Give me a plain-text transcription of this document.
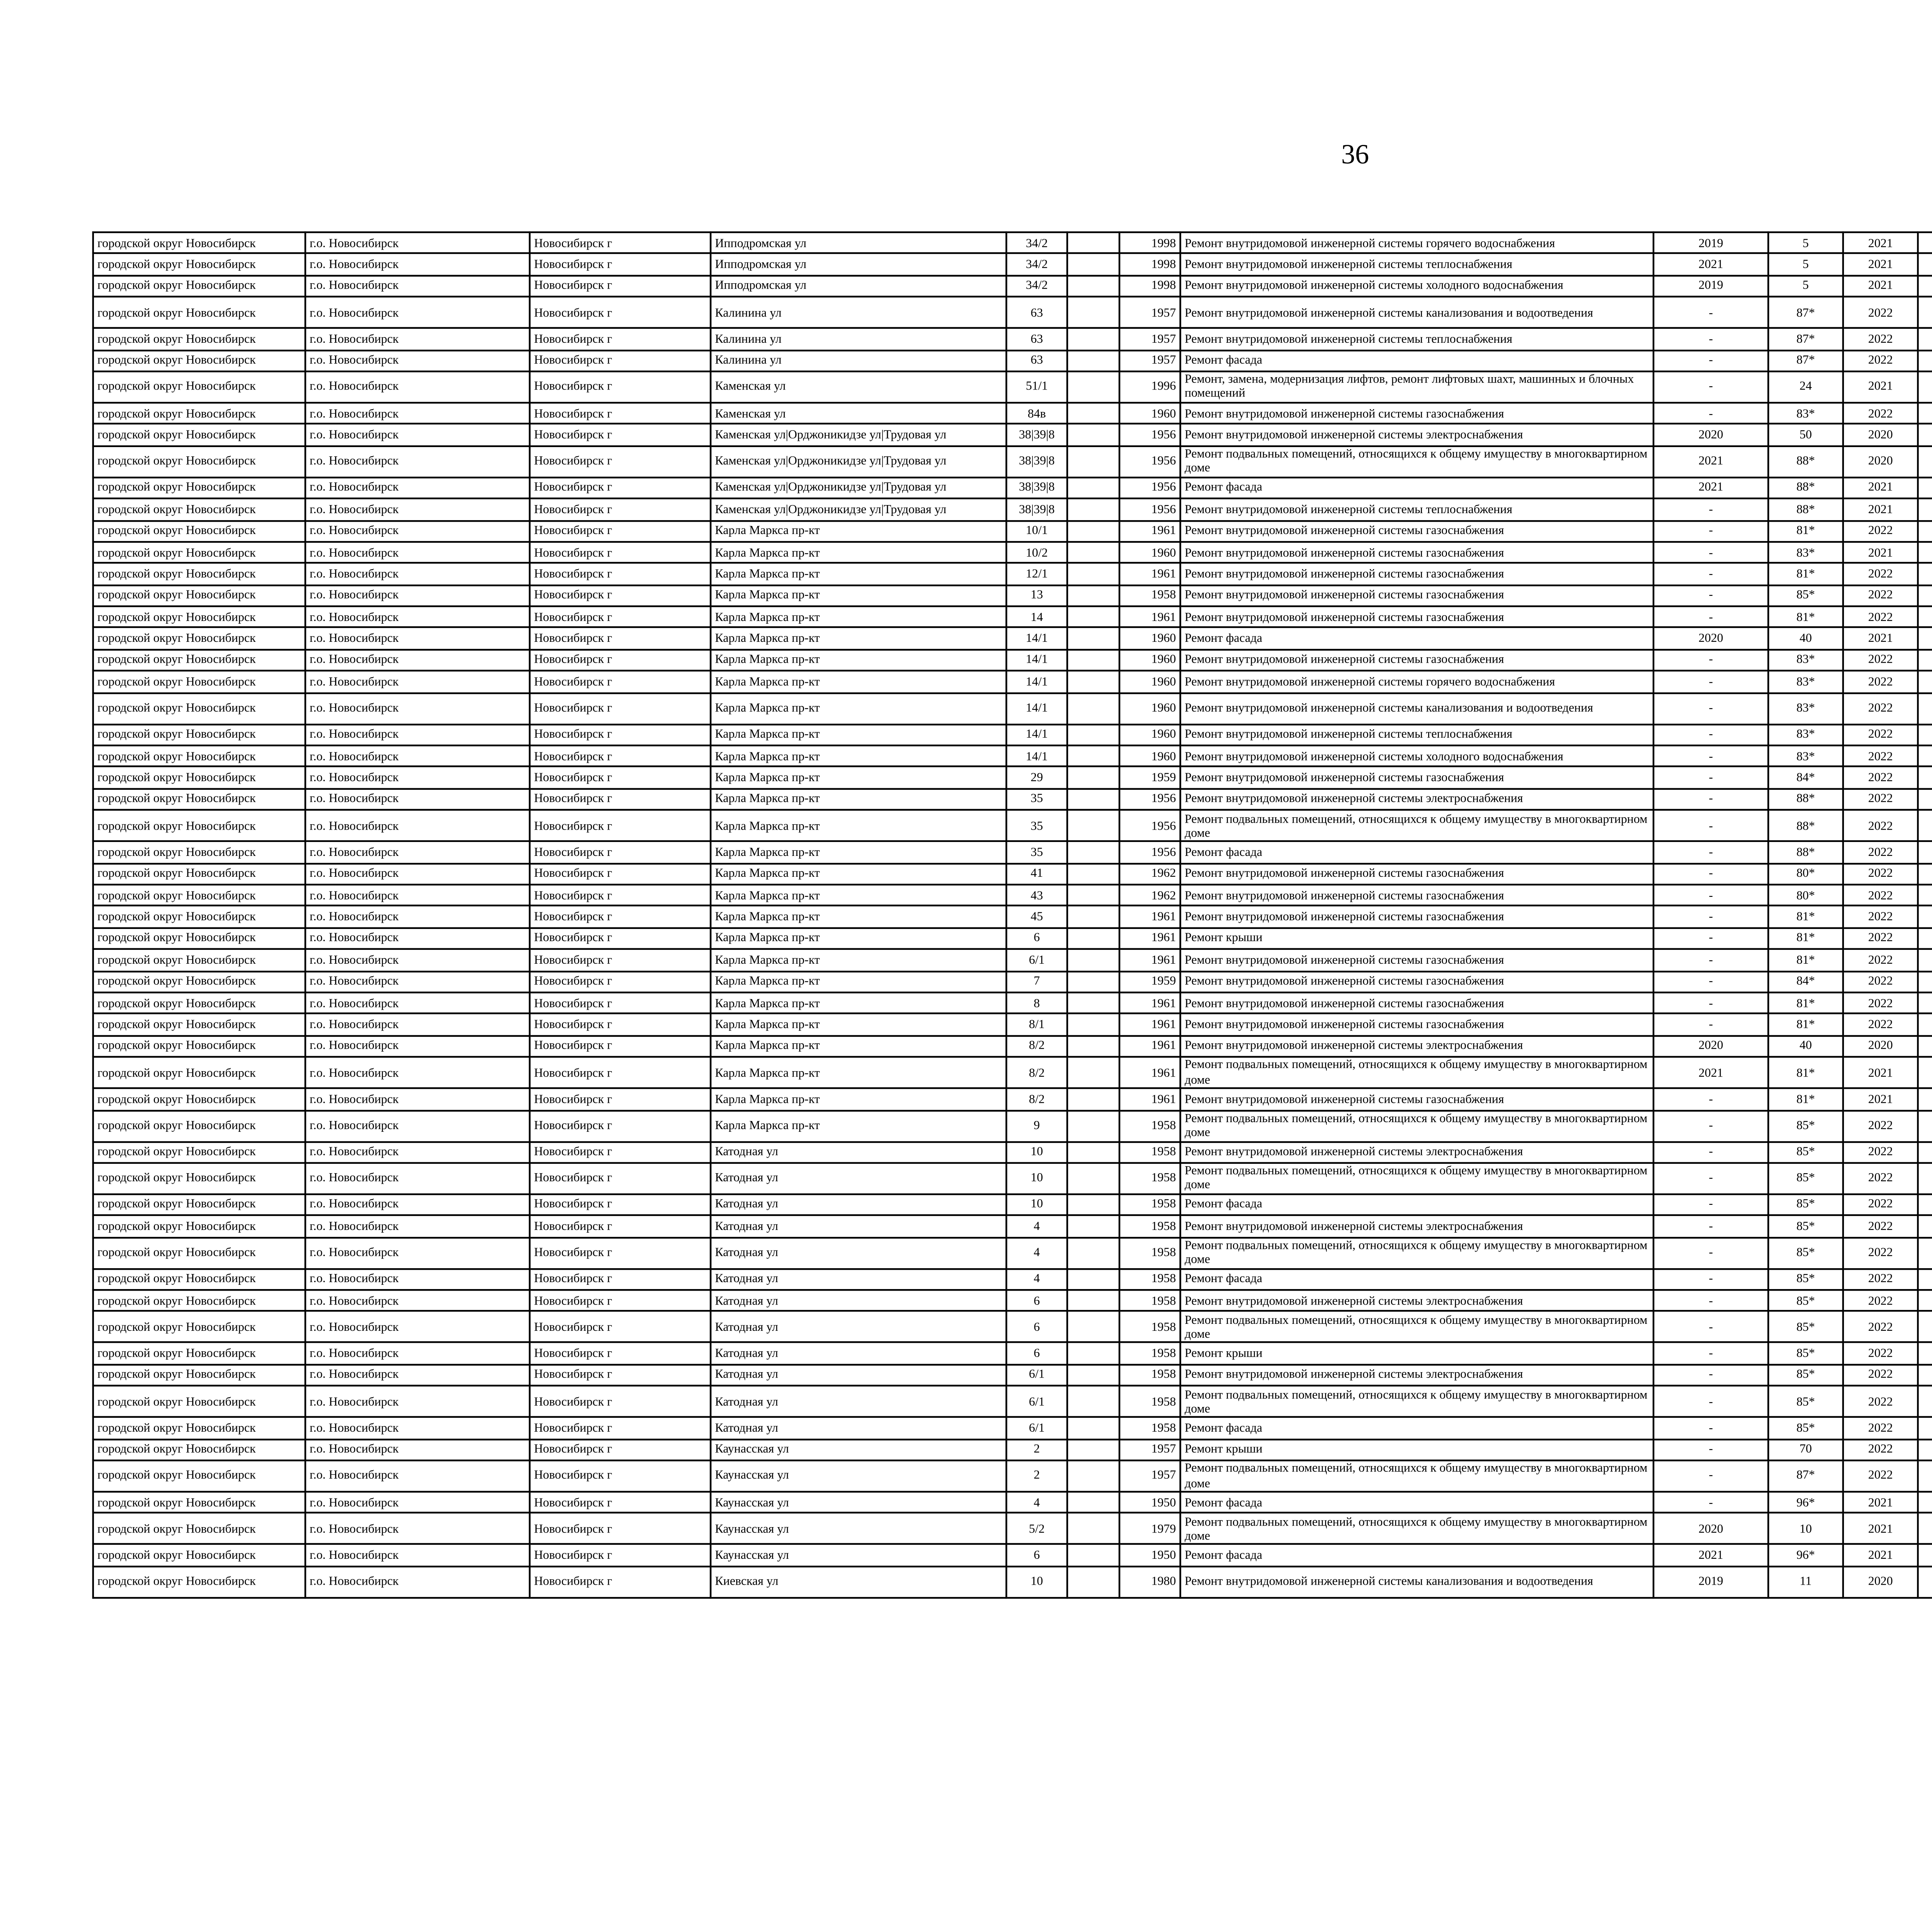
36
городской округ Новосибирск	г.о. Новосибирск	Новосибирск г	Ипподромская ул	34/2		1998	Ремонт внутридомовой инженерной системы горячего водоснабжения	2019	5	2021						
городской округ Новосибирск	г.о. Новосибирск	Новосибирск г	Ипподромская ул	34/2		1998	Ремонт внутридомовой инженерной системы теплоснабжения	2021	5	2021						
городской округ Новосибирск	г.о. Новосибирск	Новосибирск г	Ипподромская ул	34/2		1998	Ремонт внутридомовой инженерной системы холодного водоснабжения	2019	5	2021						
городской округ Новосибирск	г.о. Новосибирск	Новосибирск г	Калинина ул	63		1957	Ремонт внутридомовой инженерной системы канализования и водоотведения	-	87*	2022						
городской округ Новосибирск	г.о. Новосибирск	Новосибирск г	Калинина ул	63		1957	Ремонт внутридомовой инженерной системы теплоснабжения	-	87*	2022						
городской округ Новосибирск	г.о. Новосибирск	Новосибирск г	Калинина ул	63		1957	Ремонт фасада	-	87*	2022						
городской округ Новосибирск	г.о. Новосибирск	Новосибирск г	Каменская ул	51/1		1996	Ремонт, замена, модернизация лифтов, ремонт лифтовых шахт, машинных и блочных помещений	-	24	2021						
городской округ Новосибирск	г.о. Новосибирск	Новосибирск г	Каменская ул	84в		1960	Ремонт внутридомовой инженерной системы газоснабжения	-	83*	2022						
городской округ Новосибирск	г.о. Новосибирск	Новосибирск г	Каменская ул|Орджоникидзе ул|Трудовая ул	38|39|8		1956	Ремонт внутридомовой инженерной системы электроснабжения	2020	50	2020						
городской округ Новосибирск	г.о. Новосибирск	Новосибирск г	Каменская ул|Орджоникидзе ул|Трудовая ул	38|39|8		1956	Ремонт подвальных помещений, относящихся к общему имуществу в многоквартирном доме	2021	88*	2020						
городской округ Новосибирск	г.о. Новосибирск	Новосибирск г	Каменская ул|Орджоникидзе ул|Трудовая ул	38|39|8		1956	Ремонт фасада	2021	88*	2021						
городской округ Новосибирск	г.о. Новосибирск	Новосибирск г	Каменская ул|Орджоникидзе ул|Трудовая ул	38|39|8		1956	Ремонт внутридомовой инженерной системы теплоснабжения	-	88*	2021						
городской округ Новосибирск	г.о. Новосибирск	Новосибирск г	Карла Маркса пр-кт	10/1		1961	Ремонт внутридомовой инженерной системы газоснабжения	-	81*	2022						
городской округ Новосибирск	г.о. Новосибирск	Новосибирск г	Карла Маркса пр-кт	10/2		1960	Ремонт внутридомовой инженерной системы газоснабжения	-	83*	2021						
городской округ Новосибирск	г.о. Новосибирск	Новосибирск г	Карла Маркса пр-кт	12/1		1961	Ремонт внутридомовой инженерной системы газоснабжения	-	81*	2022						
городской округ Новосибирск	г.о. Новосибирск	Новосибирск г	Карла Маркса пр-кт	13		1958	Ремонт внутридомовой инженерной системы газоснабжения	-	85*	2022						
городской округ Новосибирск	г.о. Новосибирск	Новосибирск г	Карла Маркса пр-кт	14		1961	Ремонт внутридомовой инженерной системы газоснабжения	-	81*	2022						
городской округ Новосибирск	г.о. Новосибирск	Новосибирск г	Карла Маркса пр-кт	14/1		1960	Ремонт фасада	2020	40	2021						
городской округ Новосибирск	г.о. Новосибирск	Новосибирск г	Карла Маркса пр-кт	14/1		1960	Ремонт внутридомовой инженерной системы газоснабжения	-	83*	2022						
городской округ Новосибирск	г.о. Новосибирск	Новосибирск г	Карла Маркса пр-кт	14/1		1960	Ремонт внутридомовой инженерной системы горячего водоснабжения	-	83*	2022						
городской округ Новосибирск	г.о. Новосибирск	Новосибирск г	Карла Маркса пр-кт	14/1		1960	Ремонт внутридомовой инженерной системы канализования и водоотведения	-	83*	2022						
городской округ Новосибирск	г.о. Новосибирск	Новосибирск г	Карла Маркса пр-кт	14/1		1960	Ремонт внутридомовой инженерной системы теплоснабжения	-	83*	2022						
городской округ Новосибирск	г.о. Новосибирск	Новосибирск г	Карла Маркса пр-кт	14/1		1960	Ремонт внутридомовой инженерной системы холодного водоснабжения	-	83*	2022						
городской округ Новосибирск	г.о. Новосибирск	Новосибирск г	Карла Маркса пр-кт	29		1959	Ремонт внутридомовой инженерной системы газоснабжения	-	84*	2022						
городской округ Новосибирск	г.о. Новосибирск	Новосибирск г	Карла Маркса пр-кт	35		1956	Ремонт внутридомовой инженерной системы электроснабжения	-	88*	2022						
городской округ Новосибирск	г.о. Новосибирск	Новосибирск г	Карла Маркса пр-кт	35		1956	Ремонт подвальных помещений, относящихся к общему имуществу в многоквартирном доме	-	88*	2022						
городской округ Новосибирск	г.о. Новосибирск	Новосибирск г	Карла Маркса пр-кт	35		1956	Ремонт фасада	-	88*	2022						
городской округ Новосибирск	г.о. Новосибирск	Новосибирск г	Карла Маркса пр-кт	41		1962	Ремонт внутридомовой инженерной системы газоснабжения	-	80*	2022						
городской округ Новосибирск	г.о. Новосибирск	Новосибирск г	Карла Маркса пр-кт	43		1962	Ремонт внутридомовой инженерной системы газоснабжения	-	80*	2022						
городской округ Новосибирск	г.о. Новосибирск	Новосибирск г	Карла Маркса пр-кт	45		1961	Ремонт внутридомовой инженерной системы газоснабжения	-	81*	2022						
городской округ Новосибирск	г.о. Новосибирск	Новосибирск г	Карла Маркса пр-кт	6		1961	Ремонт крыши	-	81*	2022						
городской округ Новосибирск	г.о. Новосибирск	Новосибирск г	Карла Маркса пр-кт	6/1		1961	Ремонт внутридомовой инженерной системы газоснабжения	-	81*	2022						
городской округ Новосибирск	г.о. Новосибирск	Новосибирск г	Карла Маркса пр-кт	7		1959	Ремонт внутридомовой инженерной системы газоснабжения	-	84*	2022						
городской округ Новосибирск	г.о. Новосибирск	Новосибирск г	Карла Маркса пр-кт	8		1961	Ремонт внутридомовой инженерной системы газоснабжения	-	81*	2022						
городской округ Новосибирск	г.о. Новосибирск	Новосибирск г	Карла Маркса пр-кт	8/1		1961	Ремонт внутридомовой инженерной системы газоснабжения	-	81*	2022						
городской округ Новосибирск	г.о. Новосибирск	Новосибирск г	Карла Маркса пр-кт	8/2		1961	Ремонт внутридомовой инженерной системы электроснабжения	2020	40	2020						
городской округ Новосибирск	г.о. Новосибирск	Новосибирск г	Карла Маркса пр-кт	8/2		1961	Ремонт подвальных помещений, относящихся к общему имуществу в многоквартирном доме	2021	81*	2021						
городской округ Новосибирск	г.о. Новосибирск	Новосибирск г	Карла Маркса пр-кт	8/2		1961	Ремонт внутридомовой инженерной системы газоснабжения	-	81*	2021						
городской округ Новосибирск	г.о. Новосибирск	Новосибирск г	Карла Маркса пр-кт	9		1958	Ремонт подвальных помещений, относящихся к общему имуществу в многоквартирном доме	-	85*	2022						
городской округ Новосибирск	г.о. Новосибирск	Новосибирск г	Катодная ул	10		1958	Ремонт внутридомовой инженерной системы электроснабжения	-	85*	2022						
городской округ Новосибирск	г.о. Новосибирск	Новосибирск г	Катодная ул	10		1958	Ремонт подвальных помещений, относящихся к общему имуществу в многоквартирном доме	-	85*	2022						
городской округ Новосибирск	г.о. Новосибирск	Новосибирск г	Катодная ул	10		1958	Ремонт фасада	-	85*	2022						
городской округ Новосибирск	г.о. Новосибирск	Новосибирск г	Катодная ул	4		1958	Ремонт внутридомовой инженерной системы электроснабжения	-	85*	2022						
городской округ Новосибирск	г.о. Новосибирск	Новосибирск г	Катодная ул	4		1958	Ремонт подвальных помещений, относящихся к общему имуществу в многоквартирном доме	-	85*	2022						
городской округ Новосибирск	г.о. Новосибирск	Новосибирск г	Катодная ул	4		1958	Ремонт фасада	-	85*	2022						
городской округ Новосибирск	г.о. Новосибирск	Новосибирск г	Катодная ул	6		1958	Ремонт внутридомовой инженерной системы электроснабжения	-	85*	2022						
городской округ Новосибирск	г.о. Новосибирск	Новосибирск г	Катодная ул	6		1958	Ремонт подвальных помещений, относящихся к общему имуществу в многоквартирном доме	-	85*	2022						
городской округ Новосибирск	г.о. Новосибирск	Новосибирск г	Катодная ул	6		1958	Ремонт крыши	-	85*	2022						
городской округ Новосибирск	г.о. Новосибирск	Новосибирск г	Катодная ул	6/1		1958	Ремонт внутридомовой инженерной системы электроснабжения	-	85*	2022						
городской округ Новосибирск	г.о. Новосибирск	Новосибирск г	Катодная ул	6/1		1958	Ремонт подвальных помещений, относящихся к общему имуществу в многоквартирном доме	-	85*	2022						
городской округ Новосибирск	г.о. Новосибирск	Новосибирск г	Катодная ул	6/1		1958	Ремонт фасада	-	85*	2022						
городской округ Новосибирск	г.о. Новосибирск	Новосибирск г	Каунасская ул	2		1957	Ремонт крыши	-	70	2022						
городской округ Новосибирск	г.о. Новосибирск	Новосибирск г	Каунасская ул	2		1957	Ремонт подвальных помещений, относящихся к общему имуществу в многоквартирном доме	-	87*	2022						
городской округ Новосибирск	г.о. Новосибирск	Новосибирск г	Каунасская ул	4		1950	Ремонт фасада	-	96*	2021						
городской округ Новосибирск	г.о. Новосибирск	Новосибирск г	Каунасская ул	5/2		1979	Ремонт подвальных помещений, относящихся к общему имуществу в многоквартирном доме	2020	10	2021						
городской округ Новосибирск	г.о. Новосибирск	Новосибирск г	Каунасская ул	6		1950	Ремонт фасада	2021	96*	2021						
городской округ Новосибирск	г.о. Новосибирск	Новосибирск г	Киевская ул	10		1980	Ремонт внутридомовой инженерной системы канализования и водоотведения	2019	11	2020						
